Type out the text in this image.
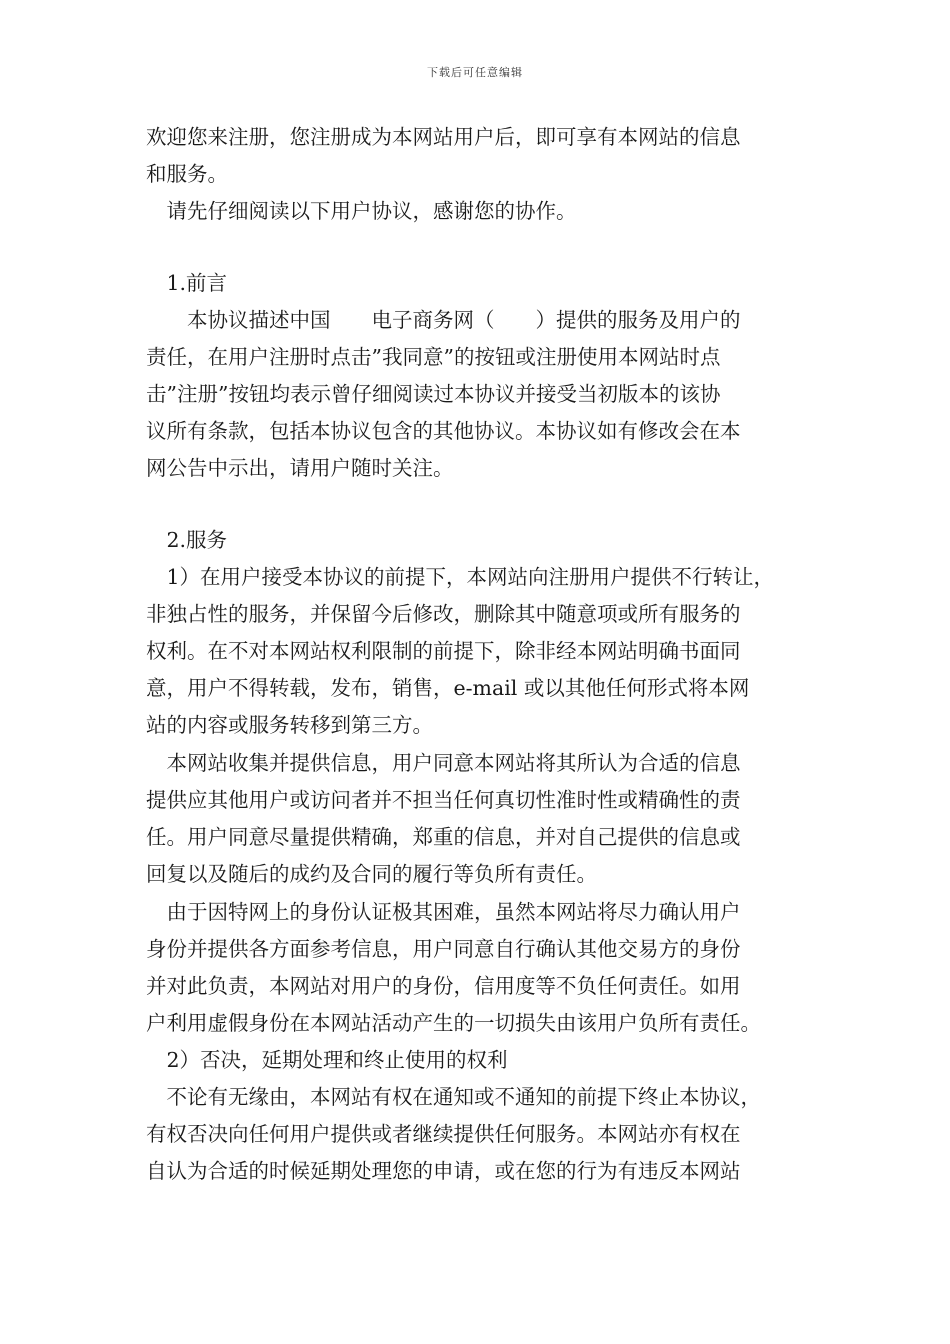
下载后可任意编辑
欢迎您来注册，您注册成为本网站用户后，即可享有本网站的信息
和服务。
　请先仔细阅读以下用户协议，感谢您的协作。
　1.前言
　　本协议描述中国　　电子商务网（　　）提供的服务及用户的
责任，在用户注册时点击”我同意”的按钮或注册使用本网站时点
击”注册”按钮均表示曾仔细阅读过本协议并接受当初版本的该协
议所有条款，包括本协议包含的其他协议。本协议如有修改会在本
网公告中示出，请用户随时关注。
　2.服务
　1）在用户接受本协议的前提下，本网站向注册用户提供不行转让，
非独占性的服务，并保留今后修改，删除其中随意项或所有服务的
权利。在不对本网站权利限制的前提下，除非经本网站明确书面同
意，用户不得转载，发布，销售，e-mail 或以其他任何形式将本网
站的内容或服务转移到第三方。
　本网站收集并提供信息，用户同意本网站将其所认为合适的信息
提供应其他用户或访问者并不担当任何真切性准时性或精确性的责
任。用户同意尽量提供精确，郑重的信息，并对自己提供的信息或
回复以及随后的成约及合同的履行等负所有责任。
　由于因特网上的身份认证极其困难，虽然本网站将尽力确认用户
身份并提供各方面参考信息，用户同意自行确认其他交易方的身份
并对此负责，本网站对用户的身份，信用度等不负任何责任。如用
户利用虚假身份在本网站活动产生的一切损失由该用户负所有责任。
　2）否决，延期处理和终止使用的权利
　不论有无缘由，本网站有权在通知或不通知的前提下终止本协议，
有权否决向任何用户提供或者继续提供任何服务。本网站亦有权在
自认为合适的时候延期处理您的申请，或在您的行为有违反本网站
